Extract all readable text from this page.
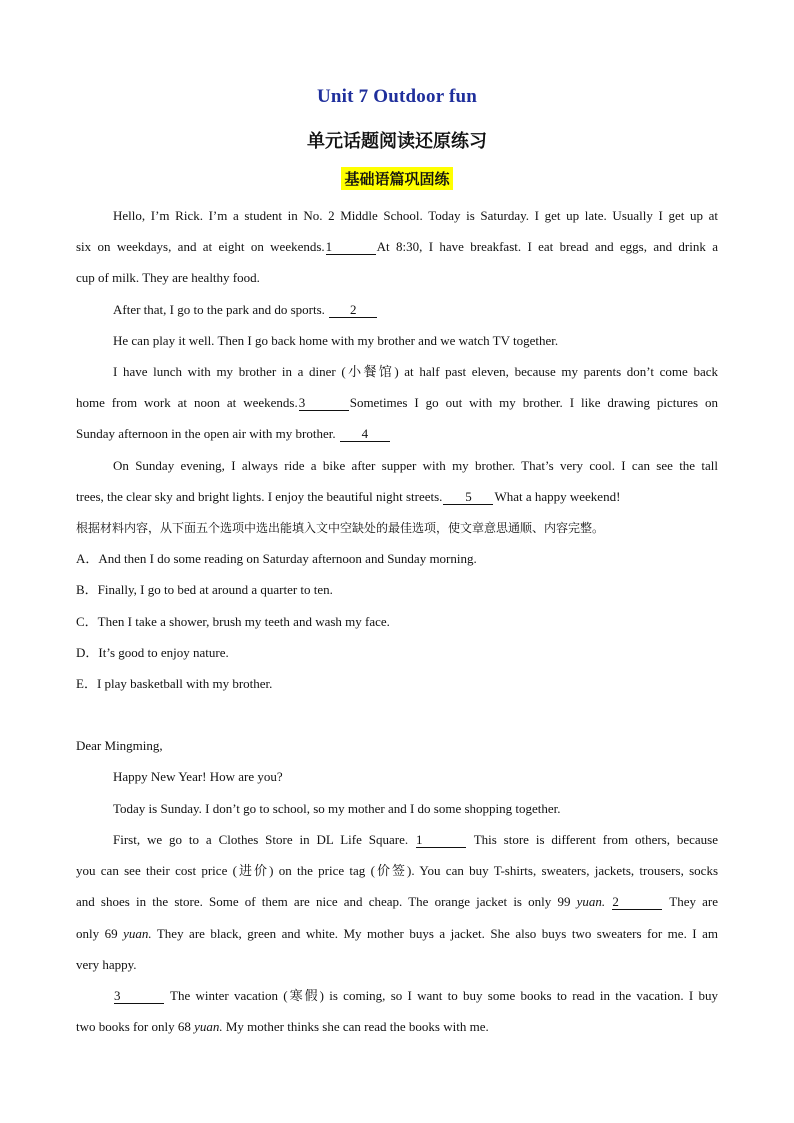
Unit 7 Outdoor fun
单元话题阅读还原练习
基础语篇巩固练
Hello, I’m Rick. I’m a student in No. 2 Middle School. Today is Saturday. I get up late. Usually I get up at
six on weekdays, and at eight on weekends.1	At 8:30, I have breakfast. I eat bread and eggs, and drink a
cup of milk. They are healthy food.
After that, I go to the park and do sports. 2
He can play it well. Then I go back home with my brother and we watch TV together.
I have lunch with my brother in a diner (小餐馆) at half past eleven, because my parents don’t come back
home from work at noon at weekends.3	Sometimes I go out with my brother. I like drawing pictures on
Sunday afternoon in the open air with my brother. 4
On Sunday evening, I always ride a bike after supper with my brother. That’s very cool. I can see the tall
trees, the clear sky and bright lights. I enjoy the beautiful night streets. 5 What a happy weekend!
根据材料内容，从下面五个选项中选出能填入文中空缺处的最佳选项，使文章意思通顺、内容完整。
A．And then I do some reading on Saturday afternoon and Sunday morning.
B．Finally, I go to bed at around a quarter to ten.
C．Then I take a shower, brush my teeth and wash my face.
D．It’s good to enjoy nature.
E．I play basketball with my brother.
Dear Mingming,
Happy New Year! How are you?
Today is Sunday. I don’t go to school, so my mother and I do some shopping together.
First, we go to a Clothes Store in DL Life Square. 1	This store is different from others, because
you can see their cost price (进价) on the price tag (价签). You can buy T-shirts, sweaters, jackets, trousers, socks
and shoes in the store. Some of them are nice and cheap. The orange jacket is only 99 yuan. 2	They are
only 69 yuan. They are black, green and white. My mother buys a jacket. She also buys two sweaters for me. I am
very happy.
3	The winter vacation (寒假) is coming, so I want to buy some books to read in the vacation. I buy
two books for only 68 yuan. My mother thinks she can read the books with me.
